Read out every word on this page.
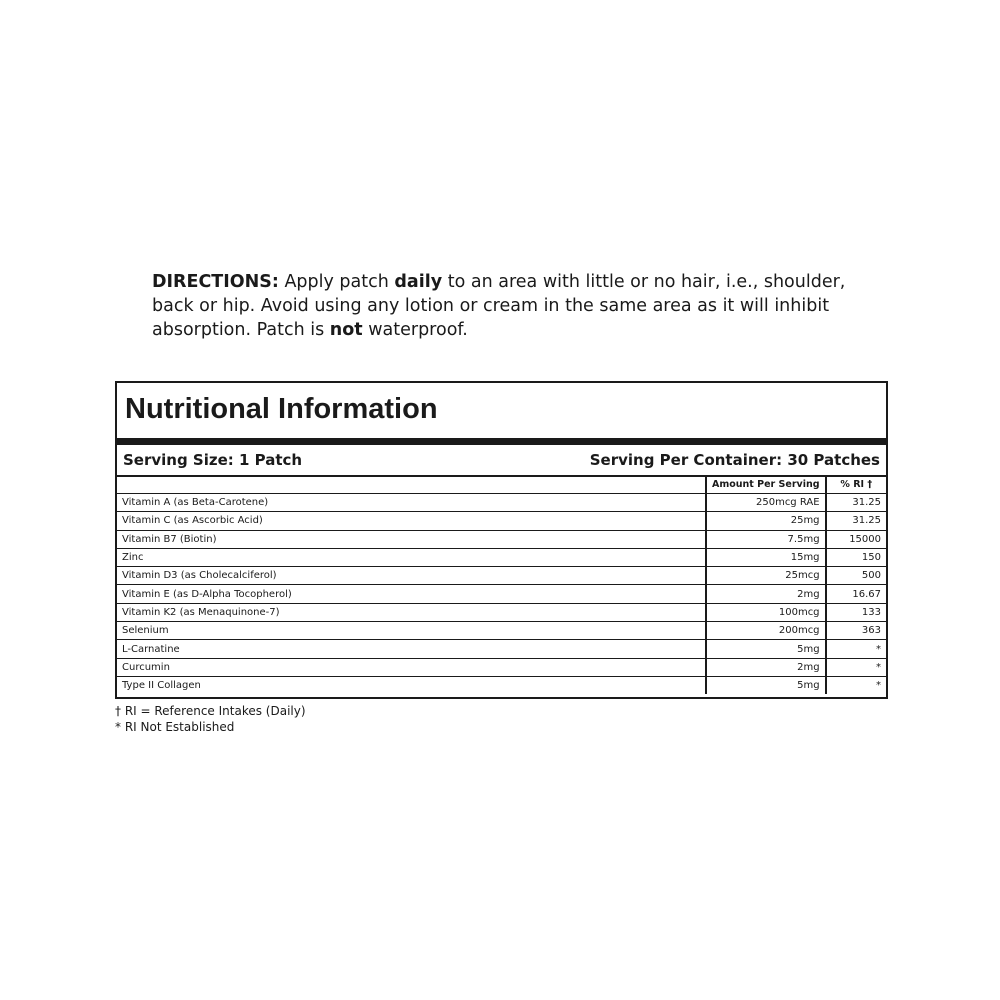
DIRECTIONS: Apply patch daily to an area with little or no hair, i.e., shoulder, back or hip. Avoid using any lotion or cream in the same area as it will inhibit absorption. Patch is not waterproof.
Nutritional Information
Serving Size: 1 Patch	Serving Per Container: 30 Patches
	Amount Per Serving	% RI †
Vitamin A (as Beta-Carotene)	250mcg RAE	31.25
Vitamin C (as Ascorbic Acid)	25mg	31.25
Vitamin B7 (Biotin)	7.5mg	15000
Zinc	15mg	150
Vitamin D3 (as Cholecalciferol)	25mcg	500
Vitamin E (as D-Alpha Tocopherol)	2mg	16.67
Vitamin K2 (as Menaquinone-7)	100mcg	133
Selenium	200mcg	363
L-Carnatine	5mg	*
Curcumin	2mg	*
Type II Collagen	5mg	*
† RI = Reference Intakes (Daily)
* RI Not Established
